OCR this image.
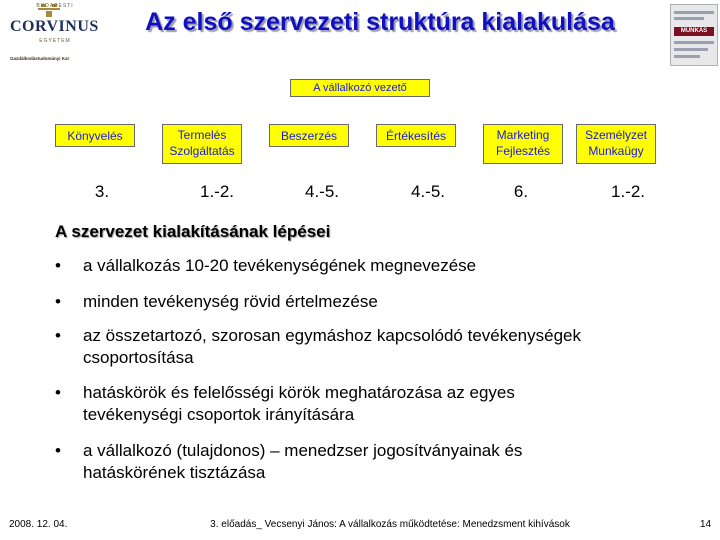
BUDAPESTI
CORVINUS
EGYETEM
Gazdálkodástudományi Kar
MUNKÁS
Az első szervezeti struktúra kialakulása
A vállalkozó vezető
Könyvelés
3.
Termelés
Szolgáltatás
1.-2.
Beszerzés
4.-5.
Értékesítés
4.-5.
Marketing
Fejlesztés
6.
Személyzet
Munkaügy
1.-2.
A szervezet kialakításának lépései
• a vállalkozás 10-20 tevékenységének megnevezése
• minden tevékenység rövid értelmezése
• az összetartozó, szorosan egymáshoz kapcsolódó tevékenységek
csoportosítása
• hatáskörök és felelősségi körök meghatározása az egyes
tevékenységi csoportok irányítására
• a vállalkozó (tulajdonos) – menedzser jogosítványainak és
hatáskörének tisztázása
2008. 12. 04.	3. előadás_ Vecsenyi János: A vállalkozás működtetése: Menedzsment kihívások	14
